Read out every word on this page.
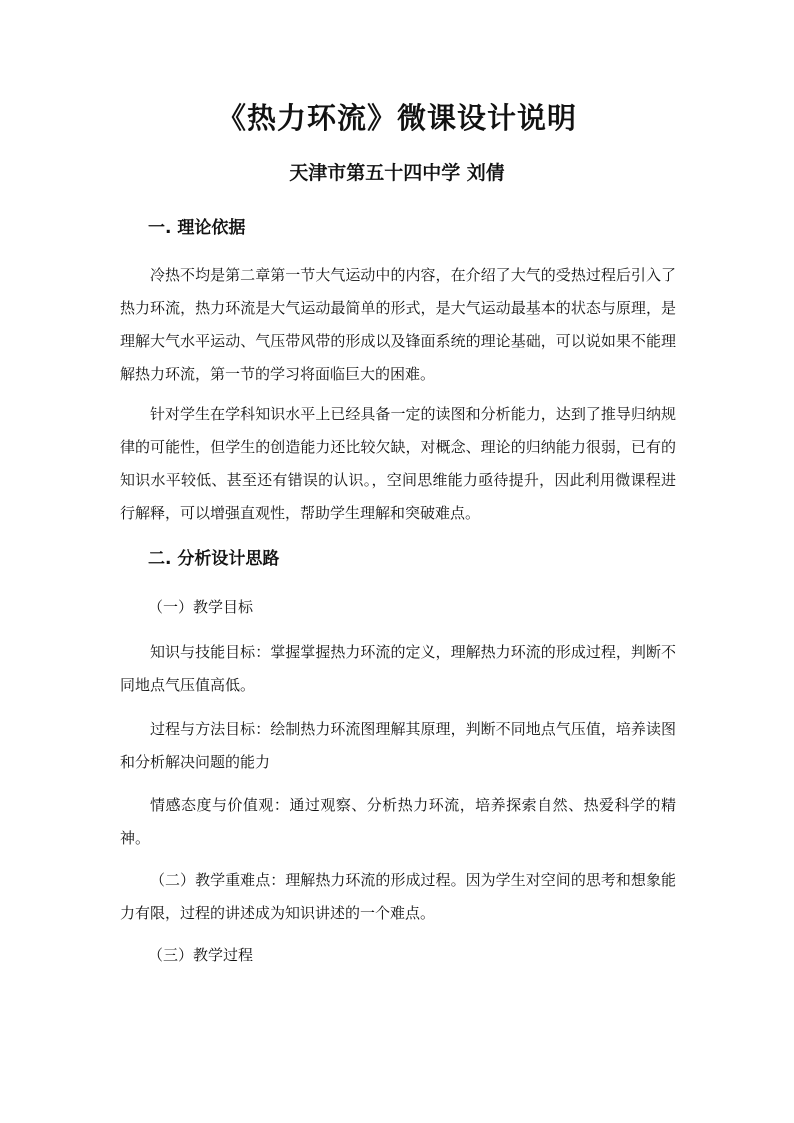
《热力环流》微课设计说明
天津市第五十四中学 刘倩
一. 理论依据
冷热不均是第二章第一节大气运动中的内容，在介绍了大气的受热过程后引入了热力环流，热力环流是大气运动最简单的形式，是大气运动最基本的状态与原理，是理解大气水平运动、气压带风带的形成以及锋面系统的理论基础，可以说如果不能理解热力环流，第一节的学习将面临巨大的困难。
针对学生在学科知识水平上已经具备一定的读图和分析能力，达到了推导归纳规律的可能性，但学生的创造能力还比较欠缺，对概念、理论的归纳能力很弱，已有的知识水平较低、甚至还有错误的认识。，空间思维能力亟待提升，因此利用微课程进行解释，可以增强直观性，帮助学生理解和突破难点。
二. 分析设计思路
（一）教学目标
知识与技能目标：掌握掌握热力环流的定义，理解热力环流的形成过程，判断不同地点气压值高低。
过程与方法目标：绘制热力环流图理解其原理，判断不同地点气压值，培养读图和分析解决问题的能力
情感态度与价值观：通过观察、分析热力环流，培养探索自然、热爱科学的精神。
（二）教学重难点：理解热力环流的形成过程。因为学生对空间的思考和想象能力有限，过程的讲述成为知识讲述的一个难点。
（三）教学过程
